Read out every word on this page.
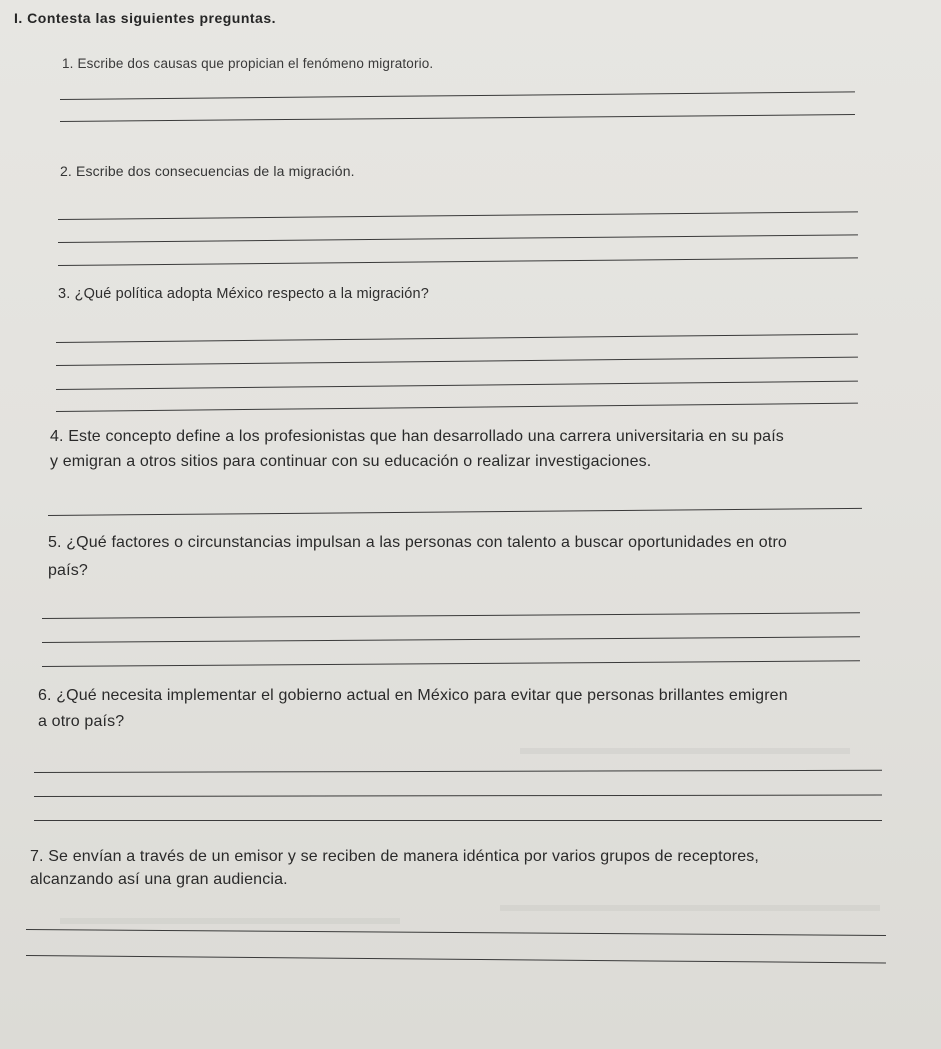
I. Contesta las siguientes preguntas.
1. Escribe dos causas que propician el fenómeno migratorio.
2. Escribe dos consecuencias de la migración.
3. ¿Qué política adopta México respecto a la migración?
4. Este concepto define a los profesionistas que han desarrollado una carrera universitaria en su país
y emigran a otros sitios para continuar con su educación o realizar investigaciones.
5. ¿Qué factores o circunstancias impulsan a las personas con talento a buscar oportunidades en otro
país?
6. ¿Qué necesita implementar el gobierno actual en México para evitar que personas brillantes emigren
a otro país?
7. Se envían a través de un emisor y se reciben de manera idéntica por varios grupos de receptores,
alcanzando así una gran audiencia.
